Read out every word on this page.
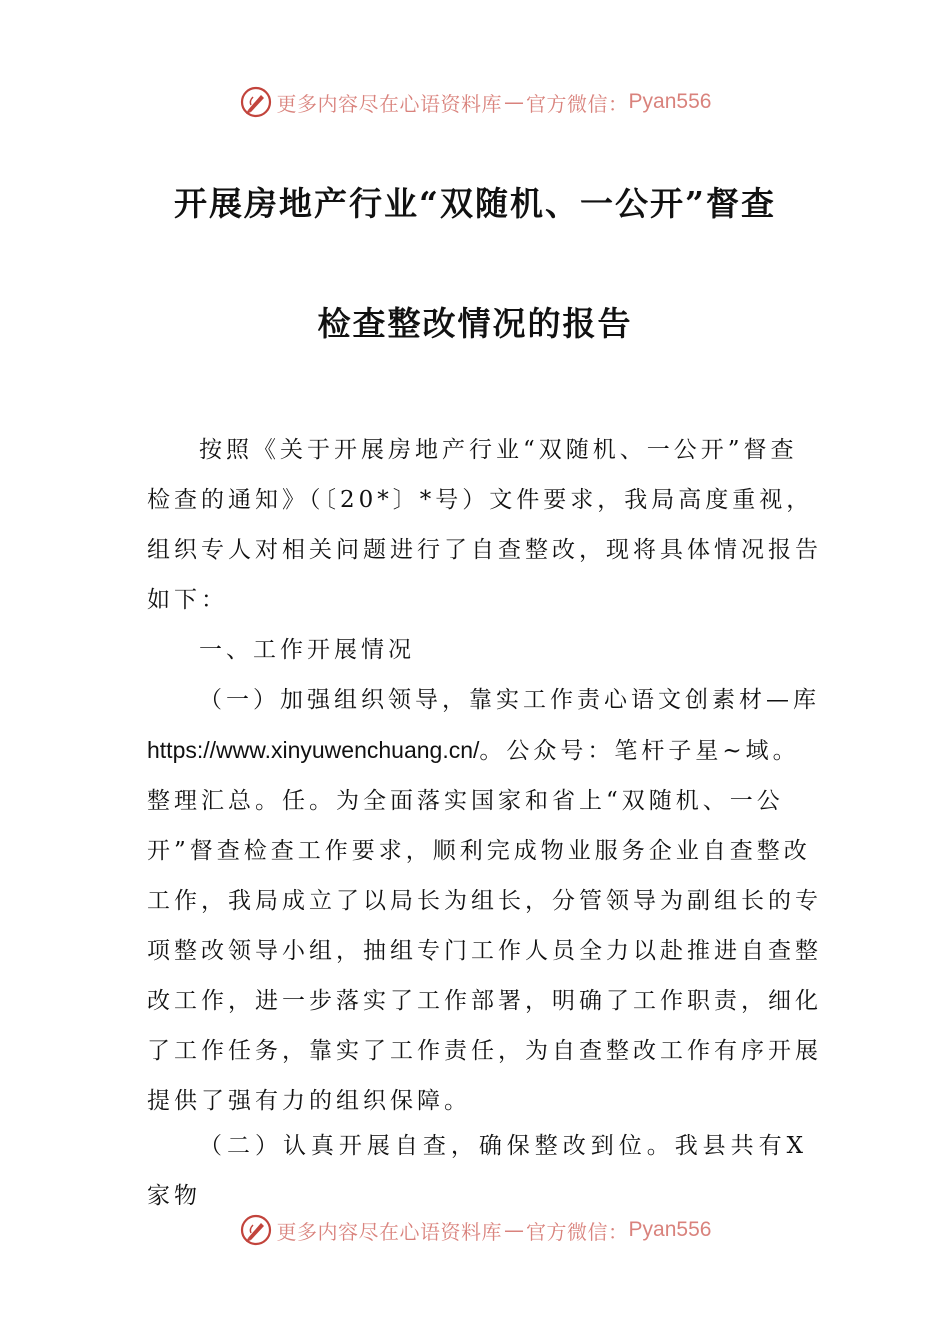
更多内容尽在心语资料库 — 官方微信： Pyan556
开展房地产行业“双随机、一公开”督查
检查整改情况的报告
按照《关于开展房地产行业“双随机、一公开”督查
检查的通知》（〔20*〕*号）文件要求，我局高度重视，
组织专人对相关问题进行了自查整改，现将具体情况报告
如下：
一、工作开展情况
（一）加强组织领导，靠实工作责心语文创素材—库
https://www.xinyuwenchuang.cn/。公众号：笔杆子星~域。
整理汇总。任。为全面落实国家和省上“双随机、一公
开”督查检查工作要求，顺利完成物业服务企业自查整改
工作，我局成立了以局长为组长，分管领导为副组长的专
项整改领导小组，抽组专门工作人员全力以赴推进自查整
改工作，进一步落实了工作部署，明确了工作职责，细化
了工作任务，靠实了工作责任，为自查整改工作有序开展
提供了强有力的组织保障。
（二）认真开展自查，确保整改到位。我县共有X家物
更多内容尽在心语资料库 — 官方微信： Pyan556
